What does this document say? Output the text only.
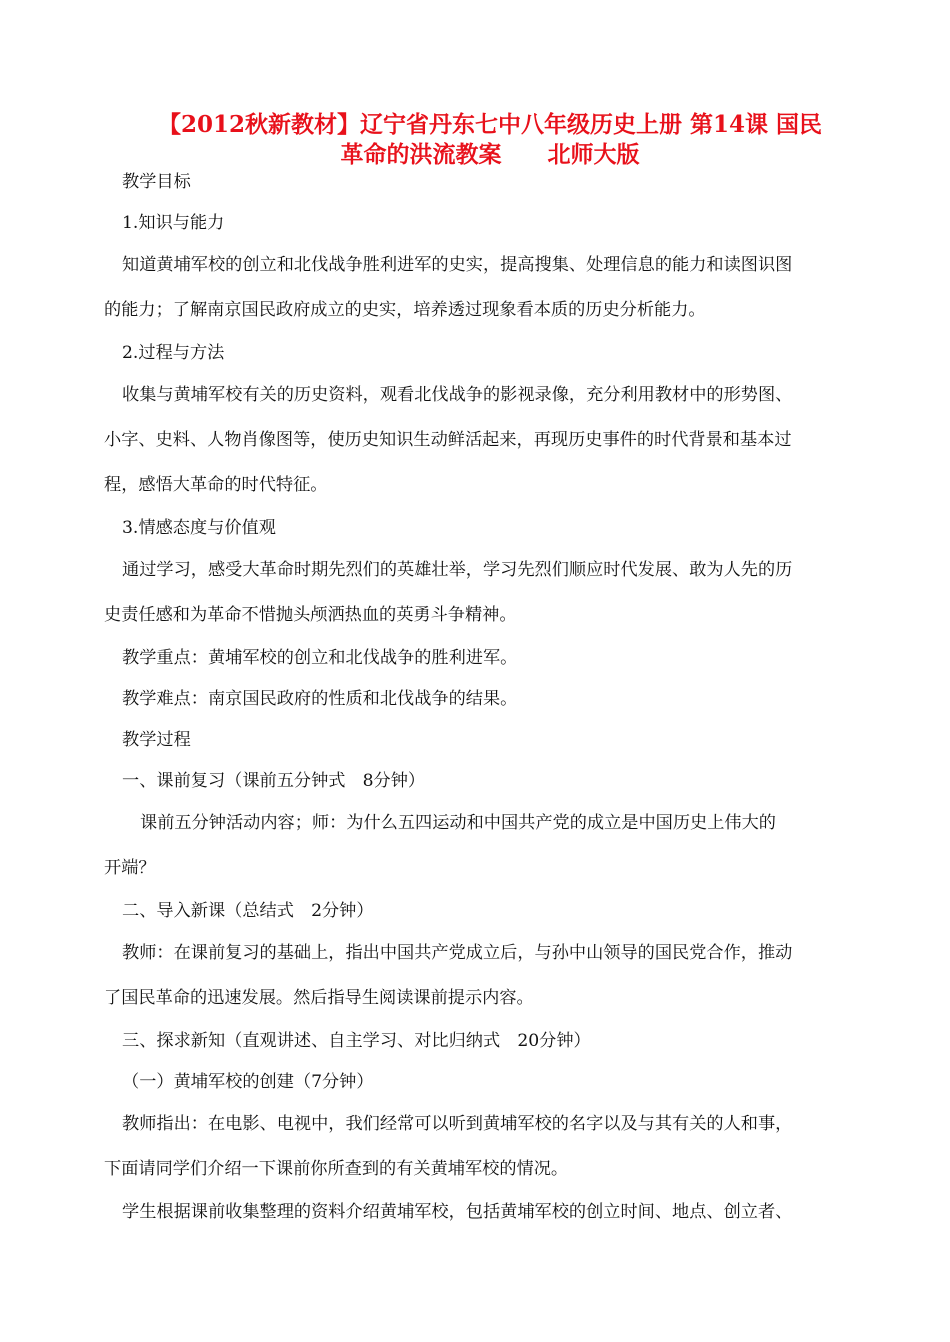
【2012秋新教材】辽宁省丹东七中八年级历史上册 第14课 国民
革命的洪流教案　　北师大版
教学目标
1.知识与能力
知道黄埔军校的创立和北伐战争胜利进军的史实，提高搜集、处理信息的能力和读图识图
的能力；了解南京国民政府成立的史实，培养透过现象看本质的历史分析能力。
2.过程与方法
收集与黄埔军校有关的历史资料，观看北伐战争的影视录像，充分利用教材中的形势图、
小字、史料、人物肖像图等，使历史知识生动鲜活起来，再现历史事件的时代背景和基本过
程，感悟大革命的时代特征。
3.情感态度与价值观
通过学习，感受大革命时期先烈们的英雄壮举，学习先烈们顺应时代发展、敢为人先的历
史责任感和为革命不惜抛头颅洒热血的英勇斗争精神。
教学重点：黄埔军校的创立和北伐战争的胜利进军。
教学难点：南京国民政府的性质和北伐战争的结果。
教学过程
一、课前复习（课前五分钟式　8分钟）
课前五分钟活动内容；师：为什么五四运动和中国共产党的成立是中国历史上伟大的
开端？
二、导入新课（总结式　2分钟）
教师：在课前复习的基础上，指出中国共产党成立后，与孙中山领导的国民党合作，推动
了国民革命的迅速发展。然后指导生阅读课前提示内容。
三、探求新知（直观讲述、自主学习、对比归纳式　20分钟）
（一）黄埔军校的创建（7分钟）
教师指出：在电影、电视中，我们经常可以听到黄埔军校的名字以及与其有关的人和事，
下面请同学们介绍一下课前你所查到的有关黄埔军校的情况。
学生根据课前收集整理的资料介绍黄埔军校，包括黄埔军校的创立时间、地点、创立者、
